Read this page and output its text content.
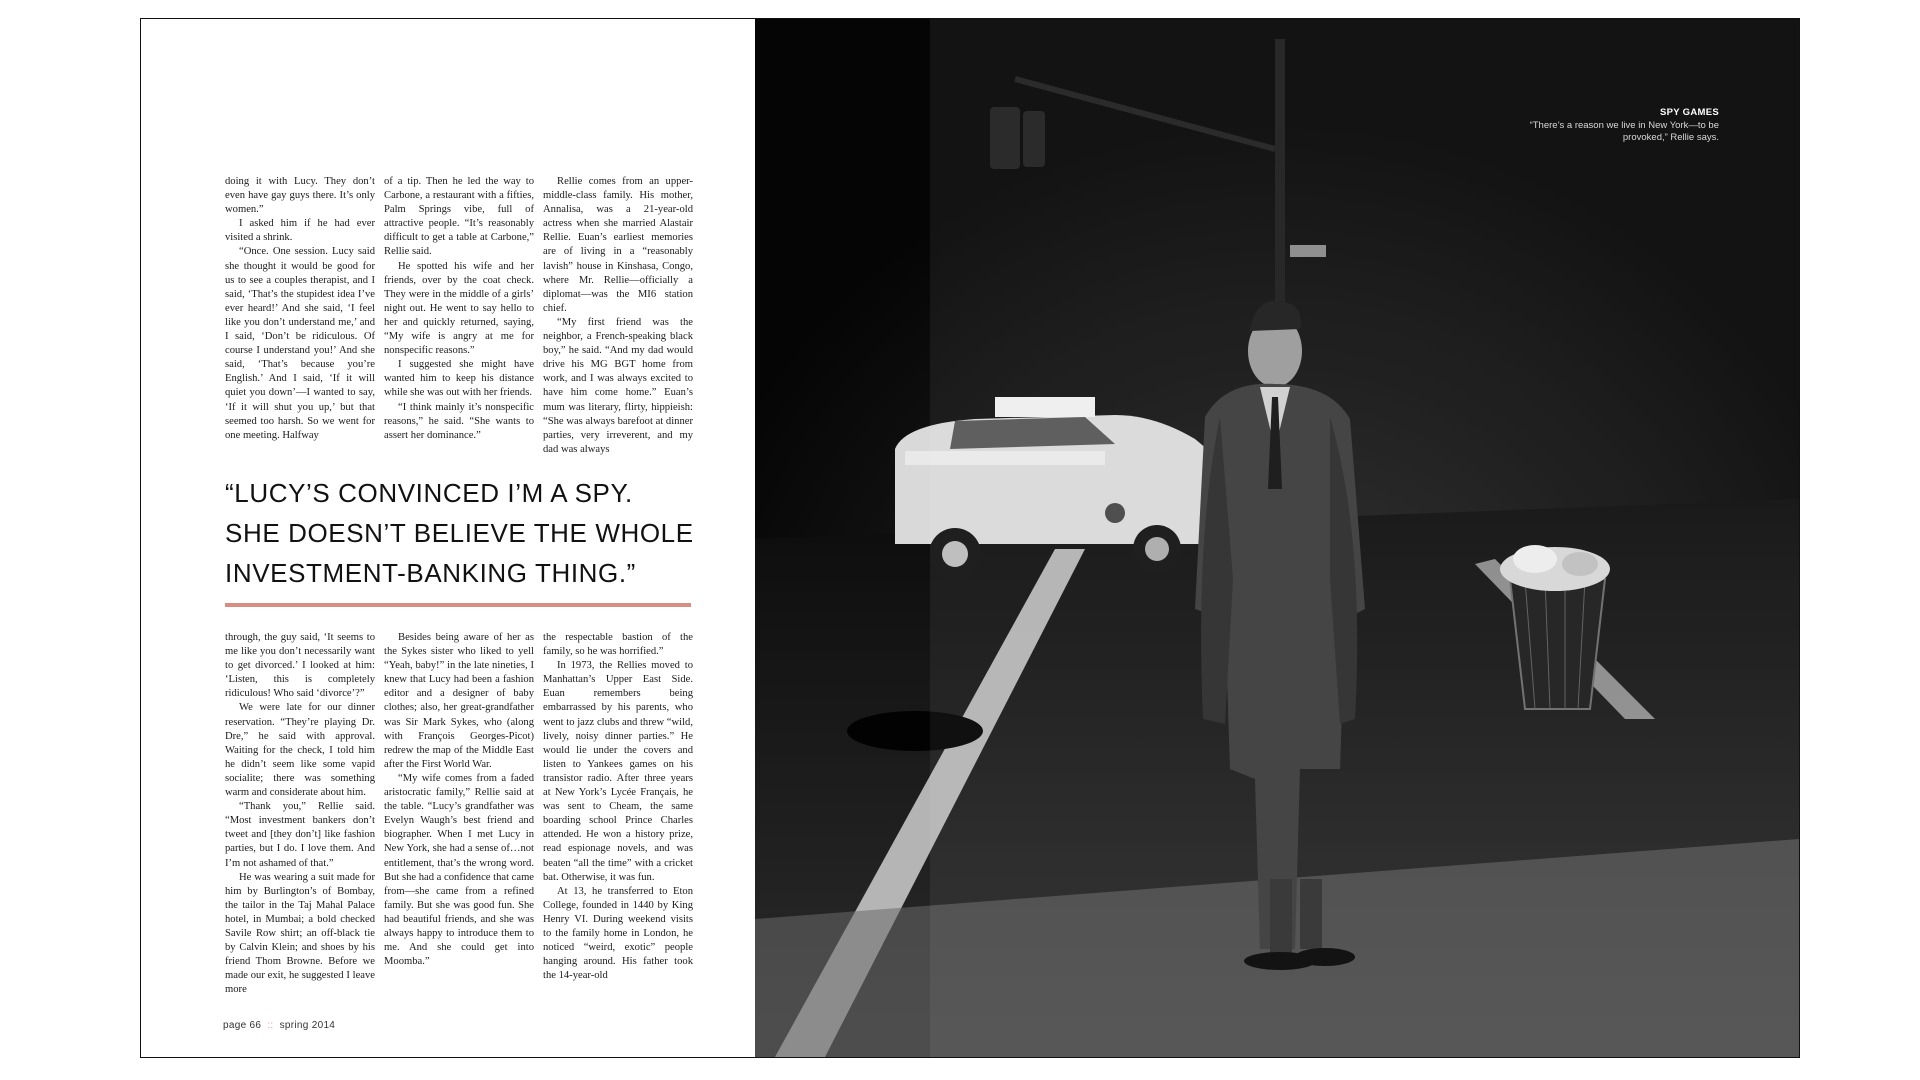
doing it with Lucy. They don’t even have gay guys there. It’s only women.”

I asked him if he had ever visited a shrink.

“Once. One session. Lucy said she thought it would be good for us to see a couples therapist, and I said, ‘That’s the stupidest idea I’ve ever heard!’ And she said, ‘I feel like you don’t understand me,’ and I said, ‘Don’t be ridiculous. Of course I understand you!’ And she said, ‘That’s because you’re English.’ And I said, ‘If it will quiet you down’—I wanted to say, ‘If it will shut you up,’ but that seemed too harsh. So we went for one meeting. Halfway

of a tip. Then he led the way to Carbone, a restaurant with a fifties, Palm Springs vibe, full of attractive people. “It’s reasonably difficult to get a table at Carbone,” Rellie said.

He spotted his wife and her friends, over by the coat check. They were in the middle of a girls’ night out. He went to say hello to her and quickly returned, saying, “My wife is angry at me for nonspecific reasons.”

I suggested she might have wanted him to keep his distance while she was out with her friends.

“I think mainly it’s nonspecific reasons,” he said. “She wants to assert her dominance.”

Rellie comes from an upper-middle-class family. His mother, Annalisa, was a 21-year-old actress when she married Alastair Rellie. Euan’s earliest memories are of living in a “reasonably lavish” house in Kinshasa, Congo, where Mr. Rellie—officially a diplomat—was the MI6 station chief.

“My first friend was the neighbor, a French-speaking black boy,” he said. “And my dad would drive his MG BGT home from work, and I was always excited to have him come home.” Euan’s mum was literary, flirty, hippieish: “She was always barefoot at dinner parties, very irreverent, and my dad was always

“LUCY’S CONVINCED I’M A SPY.
SHE DOESN’T BELIEVE THE WHOLE
INVESTMENT-BANKING THING.”

through, the guy said, ‘It seems to me like you don’t necessarily want to get divorced.’ I looked at him: ‘Listen, this is completely ridiculous! Who said ‘divorce’?”

We were late for our dinner reservation. “They’re playing Dr. Dre,” he said with approval. Waiting for the check, I told him he didn’t seem like some vapid socialite; there was something warm and considerate about him.

“Thank you,” Rellie said. “Most investment bankers don’t tweet and [they don’t] like fashion parties, but I do. I love them. And I’m not ashamed of that.”

He was wearing a suit made for him by Burlington’s of Bombay, the tailor in the Taj Mahal Palace hotel, in Mumbai; a bold checked Savile Row shirt; an off-black tie by Calvin Klein; and shoes by his friend Thom Browne. Before we made our exit, he suggested I leave more

Besides being aware of her as the Sykes sister who liked to yell “Yeah, baby!” in the late nineties, I knew that Lucy had been a fashion editor and a designer of baby clothes; also, her great-grandfather was Sir Mark Sykes, who (along with François Georges-Picot) redrew the map of the Middle East after the First World War.

“My wife comes from a faded aristocratic family,” Rellie said at the table. “Lucy’s grandfather was Evelyn Waugh’s best friend and biographer. When I met Lucy in New York, she had a sense of…not entitlement, that’s the wrong word. But she had a confidence that came from—she came from a refined family. But she was good fun. She had beautiful friends, and she was always happy to introduce them to me. And she could get into Moomba.”

the respectable bastion of the family, so he was horrified.”

In 1973, the Rellies moved to Manhattan’s Upper East Side. Euan remembers being embarrassed by his parents, who went to jazz clubs and threw “wild, lively, noisy dinner parties.” He would lie under the covers and listen to Yankees games on his transistor radio. After three years at New York’s Lycée Français, he was sent to Cheam, the same boarding school Prince Charles attended. He won a history prize, read espionage novels, and was beaten “all the time” with a cricket bat. Otherwise, it was fun.

At 13, he transferred to Eton College, founded in 1440 by King Henry VI. During weekend visits to the family home in London, he noticed “weird, exotic” people hanging around. His father took the 14-year-old

page 66 :: spring 2014
SPY GAMES
“There’s a reason we live in New York—to be provoked,” Rellie says.
